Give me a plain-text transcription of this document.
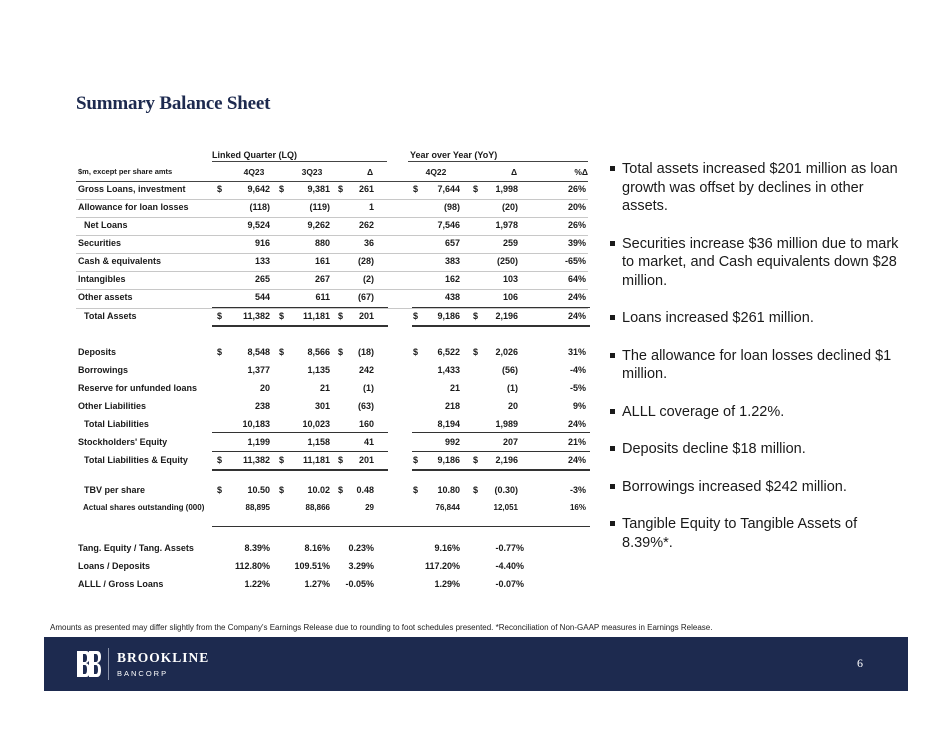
Summary Balance Sheet
Linked Quarter (LQ)	Year over Year (YoY)
$m, except per share amts	4Q23	3Q23	Δ	4Q22	Δ	%Δ
Gross Loans, investment	$	9,642 $	9,381 $	261	$	7,644 $	1,998	26%
Allowance for loan losses	(118)	(119)	1	(98)	(20)	20%
Net Loans	9,524	9,262	262	7,546	1,978	26%
Securities	916	880	36	657	259	39%
Cash & equivalents	133	161	(28)	383	(250)	-65%
Intangibles	265	267	(2)	162	103	64%
Other assets	544	611	(67)	438	106	24%
Total Assets	$	11,382 $	11,181 $	201	$	9,186 $	2,196	24%
Deposits	$	8,548 $	8,566 $	(18)	$	6,522 $	2,026	31%
Borrowings	1,377	1,135	242	1,433	(56)	-4%
Reserve for unfunded loans	20	21	(1)	21	(1)	-5%
Other Liabilities	238	301	(63)	218	20	9%
Total Liabilities	10,183	10,023	160	8,194	1,989	24%
Stockholders' Equity	1,199	1,158	41	992	207	21%
Total Liabilities & Equity	$	11,382 $	11,181 $	201	$	9,186 $	2,196	24%
TBV per share	$	10.50 $	10.02 $	0.48	$	10.80 $	(0.30)	-3%
Actual shares outstanding (000)	88,895	88,866	29	76,844	12,051	16%
Tang. Equity / Tang. Assets	8.39%	8.16%	0.23%	9.16%	-0.77%
Loans / Deposits	112.80%	109.51%	3.29%	117.20%	-4.40%
ALLL / Gross Loans	1.22%	1.27%	-0.05%	1.29%	-0.07%
Total assets increased $201 million as loan growth was offset by declines in other assets.
Securities increase $36 million due to mark to market, and Cash equivalents down $28 million.
Loans increased $261 million.
The allowance for loan losses declined $1 million.
ALLL coverage of 1.22%.
Deposits decline $18 million.
Borrowings increased $242 million.
Tangible Equity to Tangible Assets of 8.39%*.
Amounts as presented may differ slightly from the Company's Earnings Release due to rounding to foot schedules presented. *Reconciliation of Non-GAAP measures in Earnings Release.
BROOKLINE
BANCORP
6
